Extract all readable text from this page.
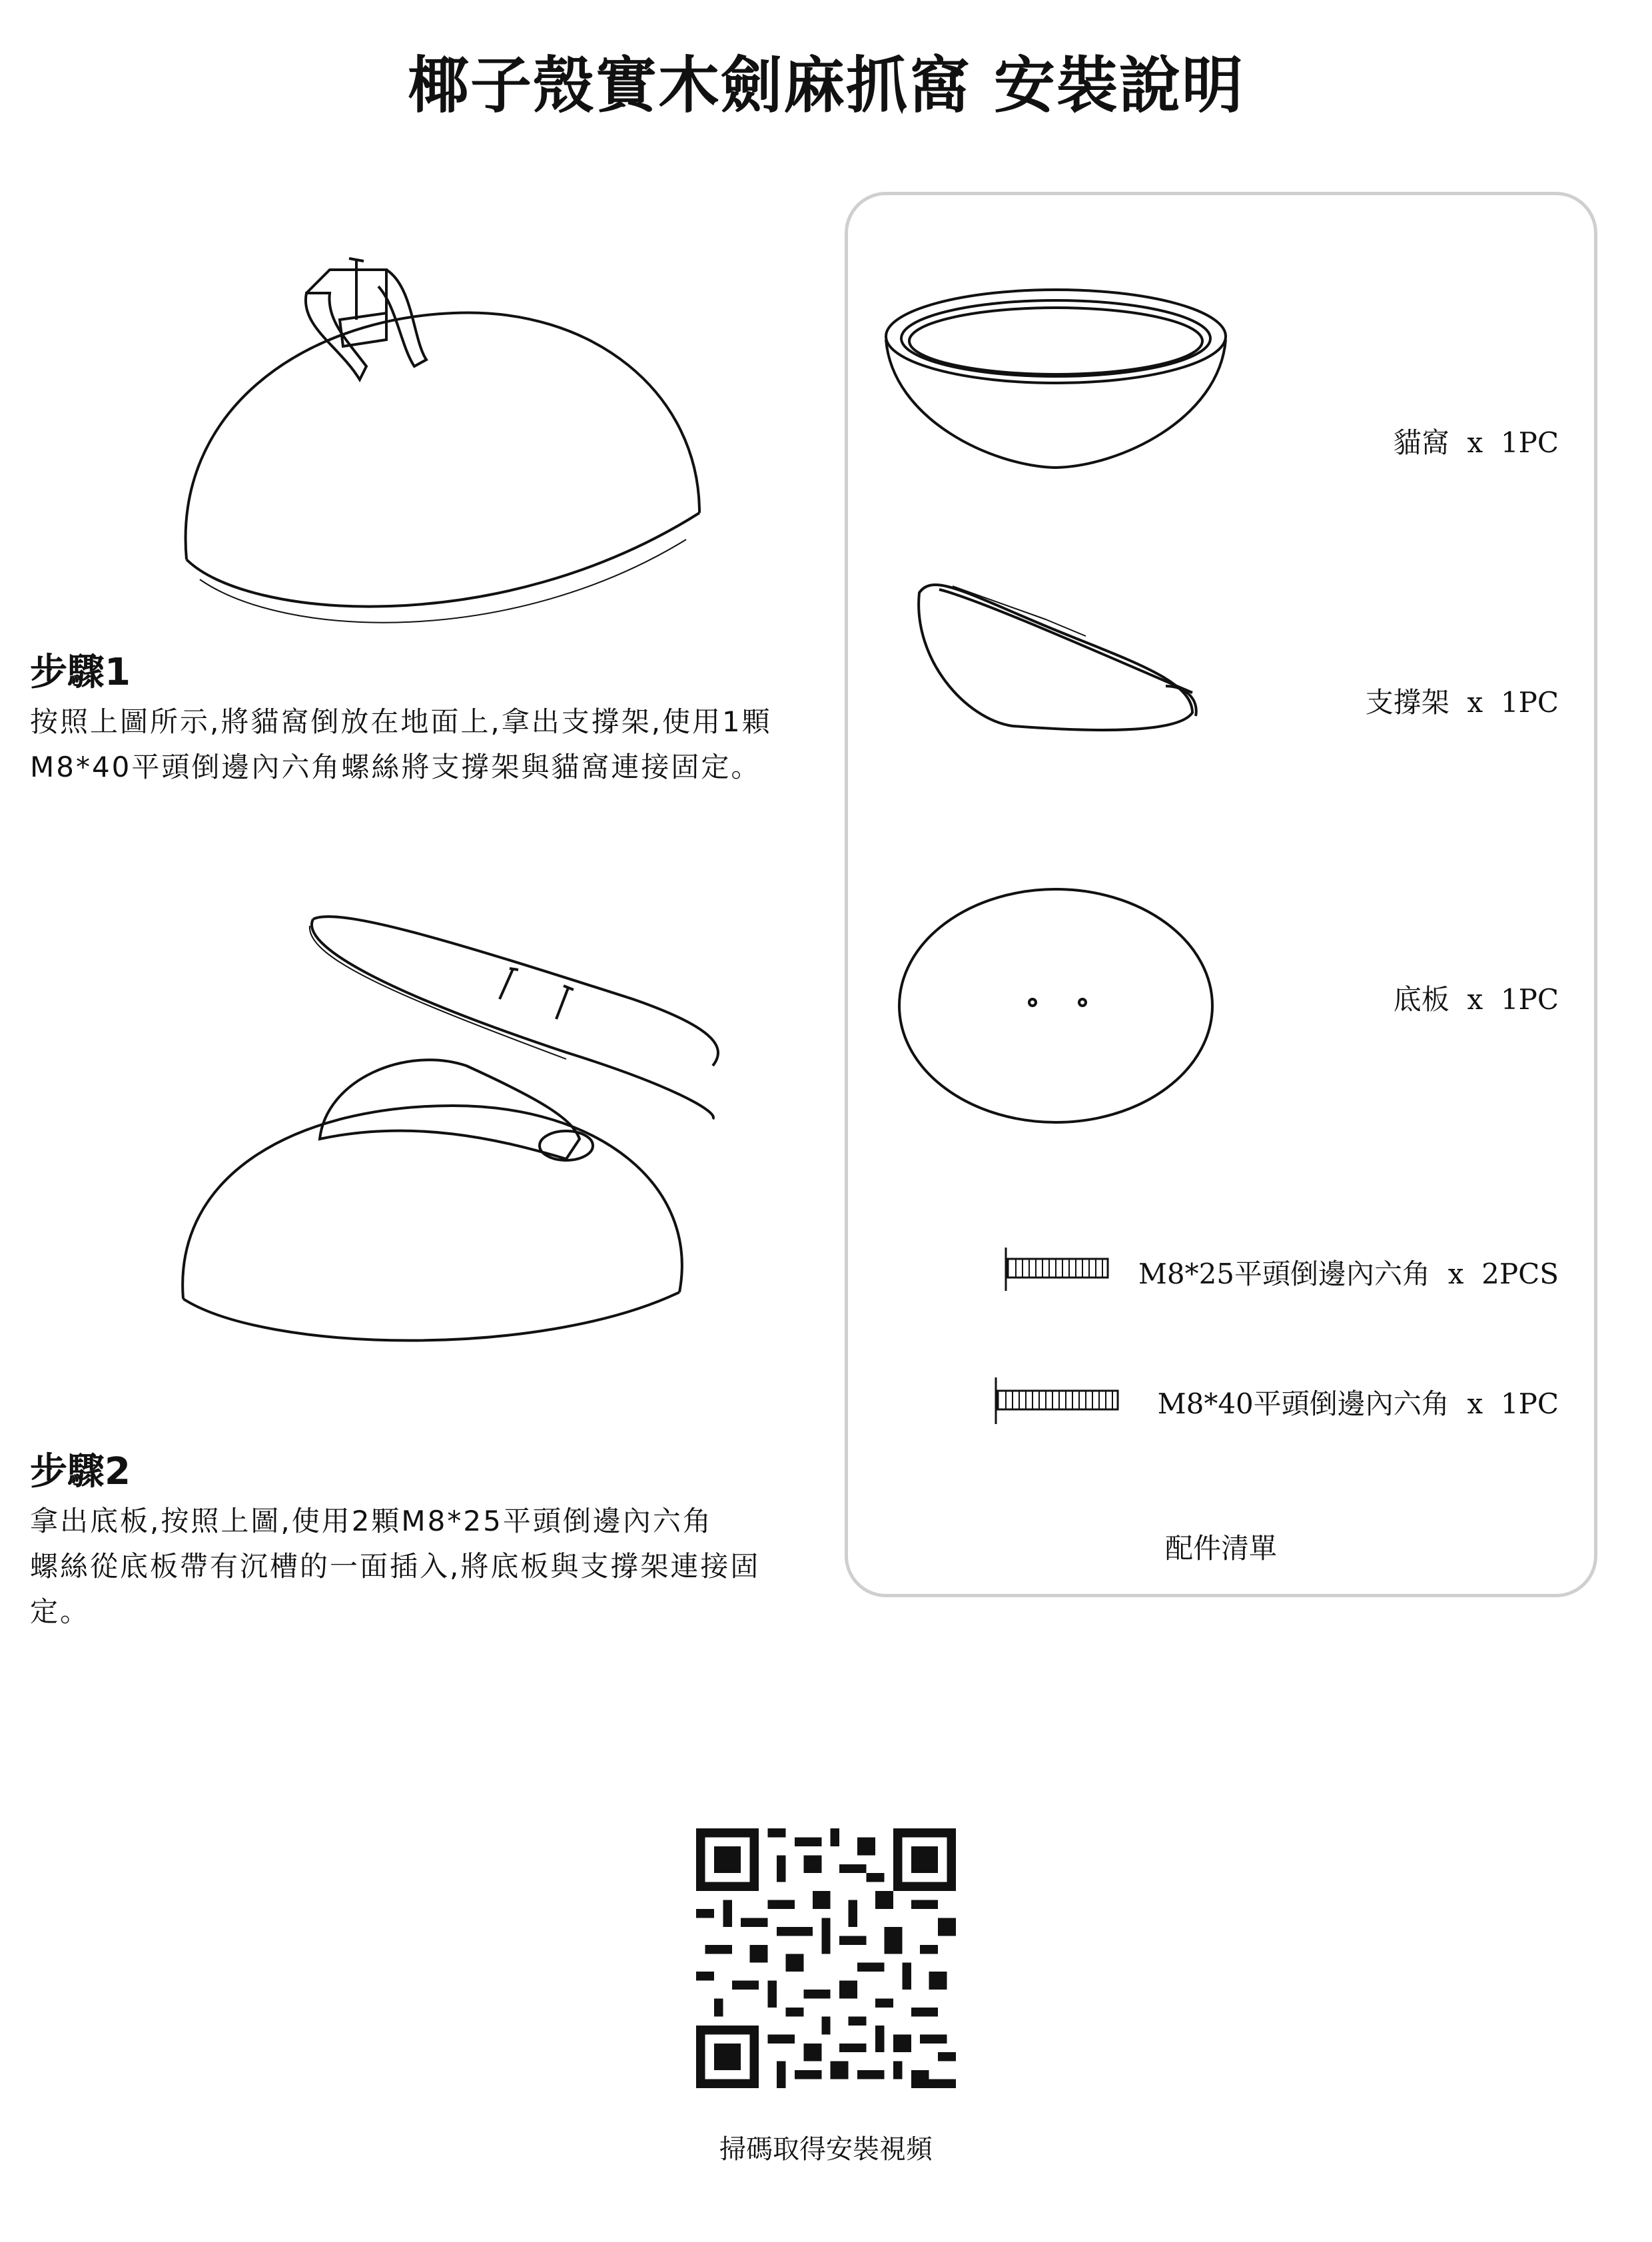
椰子殼實木劍麻抓窩 安裝說明
步驟1
按照上圖所示,將貓窩倒放在地面上,拿出支撐架,使用1顆
M8*40平頭倒邊內六角螺絲將支撐架與貓窩連接固定。
步驟2
拿出底板,按照上圖,使用2顆M8*25平頭倒邊內六角
螺絲從底板帶有沉槽的一面插入,將底板與支撐架連接固
定。
貓窩  x  1PC
支撐架  x  1PC
底板  x  1PC
M8*25平頭倒邊內六角  x  2PCS
M8*40平頭倒邊內六角  x  1PC
配件清單
掃碼取得安裝視頻
